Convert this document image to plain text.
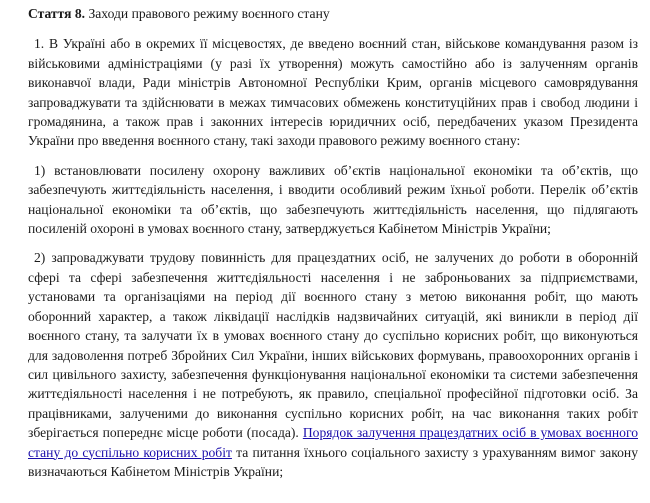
Стаття 8. Заходи правового режиму воєнного стану

1. В Україні або в окремих її місцевостях, де введено воєнний стан, військове командування разом із військовими адміністраціями (у разі їх утворення) можуть самостійно або із залученням органів виконавчої влади, Ради міністрів Автономної Республіки Крим, органів місцевого самоврядування запроваджувати та здійснювати в межах тимчасових обмежень конституційних прав і свобод людини і громадянина, а також прав і законних інтересів юридичних осіб, передбачених указом Президента України про введення воєнного стану, такі заходи правового режиму воєнного стану:

1) встановлювати посилену охорону важливих об’єктів національної економіки та об’єктів, що забезпечують життєдіяльність населення, і вводити особливий режим їхньої роботи. Перелік об’єктів національної економіки та об’єктів, що забезпечують життєдіяльність населення, що підлягають посиленій охороні в умовах воєнного стану, затверджується Кабінетом Міністрів України;

2) запроваджувати трудову повинність для працездатних осіб, не залучених до роботи в оборонній сфері та сфері забезпечення життєдіяльності населення і не заброньованих за підприємствами, установами та організаціями на період дії воєнного стану з метою виконання робіт, що мають оборонний характер, а також ліквідації наслідків надзвичайних ситуацій, які виникли в період дії воєнного стану, та залучати їх в умовах воєнного стану до суспільно корисних робіт, що виконуються для задоволення потреб Збройних Сил України, інших військових формувань, правоохоронних органів і сил цивільного захисту, забезпечення функціонування національної економіки та системи забезпечення життєдіяльності населення і не потребують, як правило, спеціальної професійної підготовки осіб. За працівниками, залученими до виконання суспільно корисних робіт, на час виконання таких робіт зберігається попереднє місце роботи (посада). Порядок залучення працездатних осіб в умовах воєнного стану до суспільно корисних робіт та питання їхнього соціального захисту з урахуванням вимог закону визначаються Кабінетом Міністрів України;
